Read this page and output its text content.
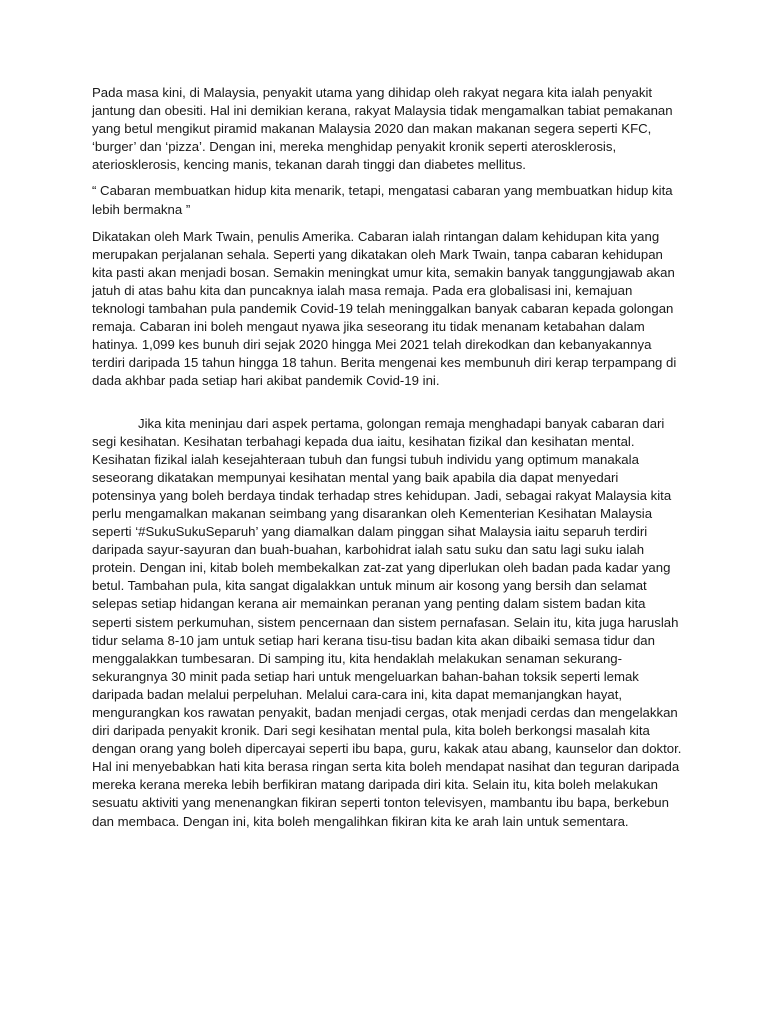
Pada masa kini, di Malaysia, penyakit utama yang dihidap oleh rakyat negara kita ialah penyakit jantung dan obesiti. Hal ini demikian kerana, rakyat Malaysia tidak mengamalkan tabiat pemakanan yang betul mengikut piramid makanan Malaysia 2020 dan makan makanan segera seperti KFC, ‘burger’ dan ‘pizza’. Dengan ini, mereka menghidap penyakit kronik seperti aterosklerosis, ateriosklerosis, kencing manis, tekanan darah tinggi dan diabetes mellitus.

“ Cabaran membuatkan hidup kita menarik, tetapi, mengatasi cabaran yang membuatkan hidup kita lebih bermakna ”

Dikatakan oleh Mark Twain, penulis Amerika. Cabaran ialah rintangan dalam kehidupan kita yang merupakan perjalanan sehala. Seperti yang dikatakan oleh Mark Twain, tanpa cabaran kehidupan kita pasti akan menjadi bosan. Semakin meningkat umur kita, semakin banyak tanggungjawab akan jatuh di atas bahu kita dan puncaknya ialah masa remaja. Pada era globalisasi ini, kemajuan teknologi tambahan pula pandemik Covid-19 telah meninggalkan banyak cabaran kepada golongan remaja. Cabaran ini boleh mengaut nyawa jika seseorang itu tidak menanam ketabahan dalam hatinya. 1,099 kes bunuh diri sejak 2020 hingga Mei 2021 telah direkodkan dan kebanyakannya terdiri daripada 15 tahun hingga 18 tahun. Berita mengenai kes membunuh diri kerap terpampang di dada akhbar pada setiap hari akibat pandemik Covid-19 ini.

Jika kita meninjau dari aspek pertama, golongan remaja menghadapi banyak cabaran dari segi kesihatan. Kesihatan terbahagi kepada dua iaitu, kesihatan fizikal dan kesihatan mental. Kesihatan fizikal ialah kesejahteraan tubuh dan fungsi tubuh individu yang optimum manakala seseorang dikatakan mempunyai kesihatan mental yang baik apabila dia dapat menyedari potensinya yang boleh berdaya tindak terhadap stres kehidupan. Jadi, sebagai rakyat Malaysia kita perlu mengamalkan makanan seimbang yang disarankan oleh Kementerian Kesihatan Malaysia seperti ‘#SukuSukuSeparuh’ yang diamalkan dalam pinggan sihat Malaysia iaitu separuh terdiri daripada sayur-sayuran dan buah-buahan, karbohidrat ialah satu suku dan satu lagi suku ialah protein. Dengan ini, kitab boleh membekalkan zat-zat yang diperlukan oleh badan pada kadar yang betul. Tambahan pula, kita sangat digalakkan untuk minum air kosong yang bersih dan selamat selepas setiap hidangan kerana air memainkan peranan yang penting dalam sistem badan kita seperti sistem perkumuhan, sistem pencernaan dan sistem pernafasan. Selain itu, kita juga haruslah tidur selama 8-10 jam untuk setiap hari kerana tisu-tisu badan kita akan dibaiki semasa tidur dan menggalakkan tumbesaran. Di samping itu, kita hendaklah melakukan senaman sekurang-sekurangnya 30 minit pada setiap hari untuk mengeluarkan bahan-bahan toksik seperti lemak daripada badan melalui perpeluhan. Melalui cara-cara ini, kita dapat memanjangkan hayat, mengurangkan kos rawatan penyakit, badan menjadi cergas, otak menjadi cerdas dan mengelakkan diri daripada penyakit kronik. Dari segi kesihatan mental pula, kita boleh berkongsi masalah kita dengan orang yang boleh dipercayai seperti ibu bapa, guru, kakak atau abang, kaunselor dan doktor. Hal ini menyebabkan hati kita berasa ringan serta kita boleh mendapat nasihat dan teguran daripada mereka kerana mereka lebih berfikiran matang daripada diri kita. Selain itu, kita boleh melakukan sesuatu aktiviti yang menenangkan fikiran seperti tonton televisyen, mambantu ibu bapa, berkebun dan membaca. Dengan ini, kita boleh mengalihkan fikiran kita ke arah lain untuk sementara.
